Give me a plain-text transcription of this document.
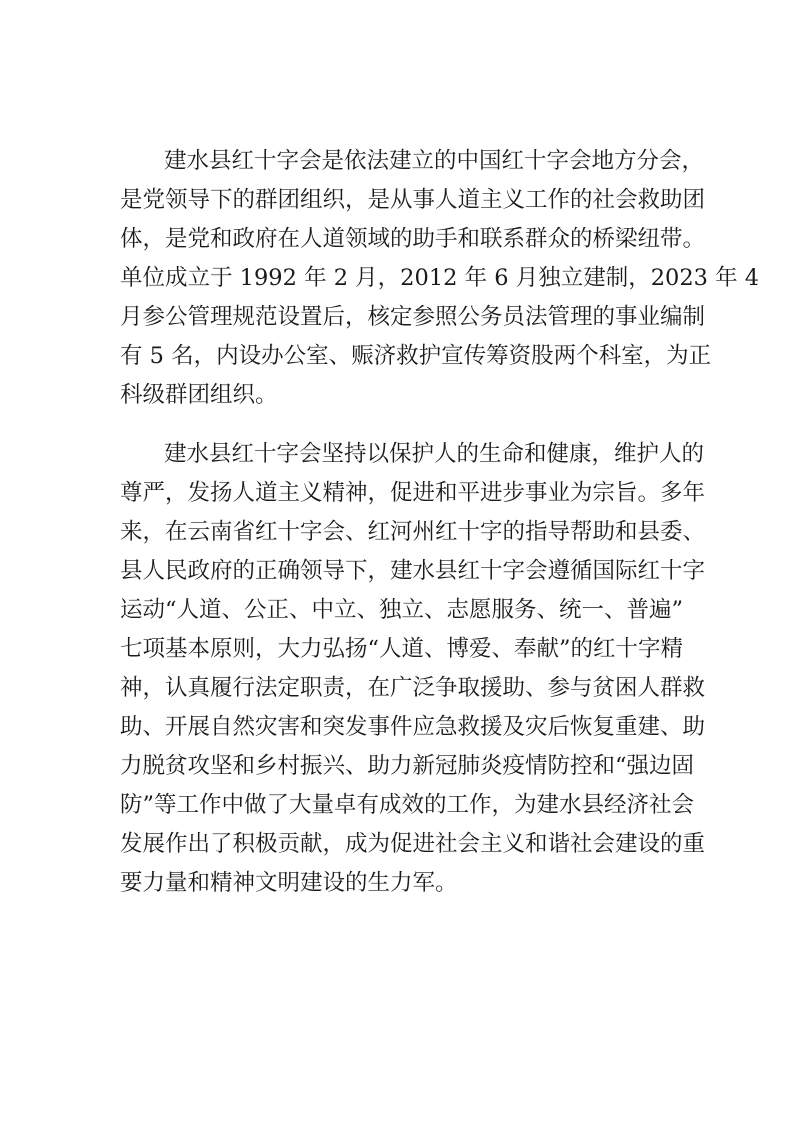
建水县红十字会是依法建立的中国红十字会地方分会，

是党领导下的群团组织，是从事人道主义工作的社会救助团

体，是党和政府在人道领域的助手和联系群众的桥梁纽带。

单位成立于 1992 年 2 月，2012 年 6 月独立建制，2023 年 4

月参公管理规范设置后，核定参照公务员法管理的事业编制

有 5 名，内设办公室、赈济救护宣传筹资股两个科室，为正

科级群团组织。

建水县红十字会坚持以保护人的生命和健康，维护人的

尊严，发扬人道主义精神，促进和平进步事业为宗旨。多年

来，在云南省红十字会、红河州红十字的指导帮助和县委、

县人民政府的正确领导下，建水县红十字会遵循国际红十字

运动“人道、公正、中立、独立、志愿服务、统一、普遍”

七项基本原则，大力弘扬“人道、博爱、奉献”的红十字精

神，认真履行法定职责，在广泛争取援助、参与贫困人群救

助、开展自然灾害和突发事件应急救援及灾后恢复重建、助

力脱贫攻坚和乡村振兴、助力新冠肺炎疫情防控和“强边固

防”等工作中做了大量卓有成效的工作，为建水县经济社会

发展作出了积极贡献，成为促进社会主义和谐社会建设的重

要力量和精神文明建设的生力军。
